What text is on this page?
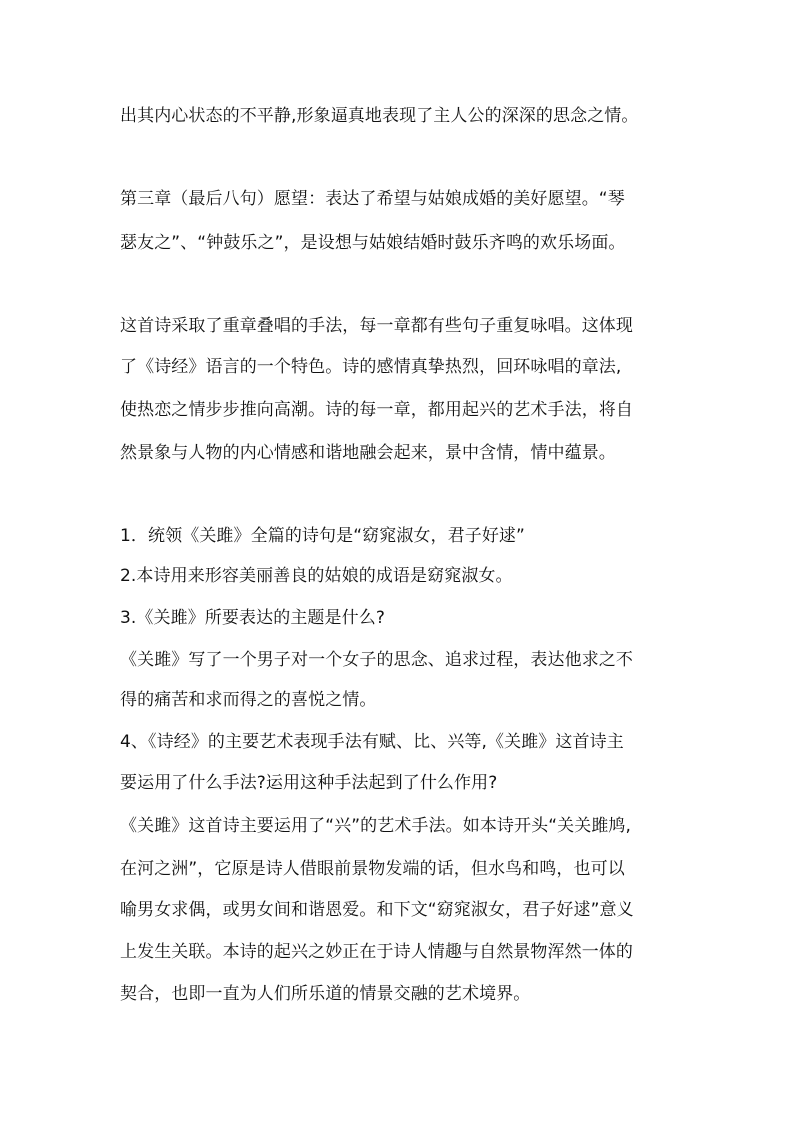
出其内心状态的不平静,形象逼真地表现了主人公的深深的思念之情。
第三章（最后八句）愿望：表达了希望与姑娘成婚的美好愿望。“琴
瑟友之”、“钟鼓乐之”，是设想与姑娘结婚时鼓乐齐鸣的欢乐场面。
这首诗采取了重章叠唱的手法，每一章都有些句子重复咏唱。这体现
了《诗经》语言的一个特色。诗的感情真挚热烈，回环咏唱的章法,
使热恋之情步步推向高潮。诗的每一章，都用起兴的艺术手法，将自
然景象与人物的内心情感和谐地融会起来，景中含情，情中蕴景。
1．统领《关雎》全篇的诗句是“窈窕淑女，君子好逑”
2.本诗用来形容美丽善良的姑娘的成语是窈窕淑女。
3.《关雎》所要表达的主题是什么?
《关雎》写了一个男子对一个女子的思念、追求过程，表达他求之不
得的痛苦和求而得之的喜悦之情。
4、《诗经》的主要艺术表现手法有赋、比、兴等,《关雎》这首诗主
要运用了什么手法?运用这种手法起到了什么作用?
《关雎》这首诗主要运用了“兴”的艺术手法。如本诗开头“关关雎鸠,
在河之洲”，它原是诗人借眼前景物发端的话，但水鸟和鸣，也可以
喻男女求偶，或男女间和谐恩爱。和下文“窈窕淑女，君子好逑”意义
上发生关联。本诗的起兴之妙正在于诗人情趣与自然景物浑然一体的
契合，也即一直为人们所乐道的情景交融的艺术境界。
